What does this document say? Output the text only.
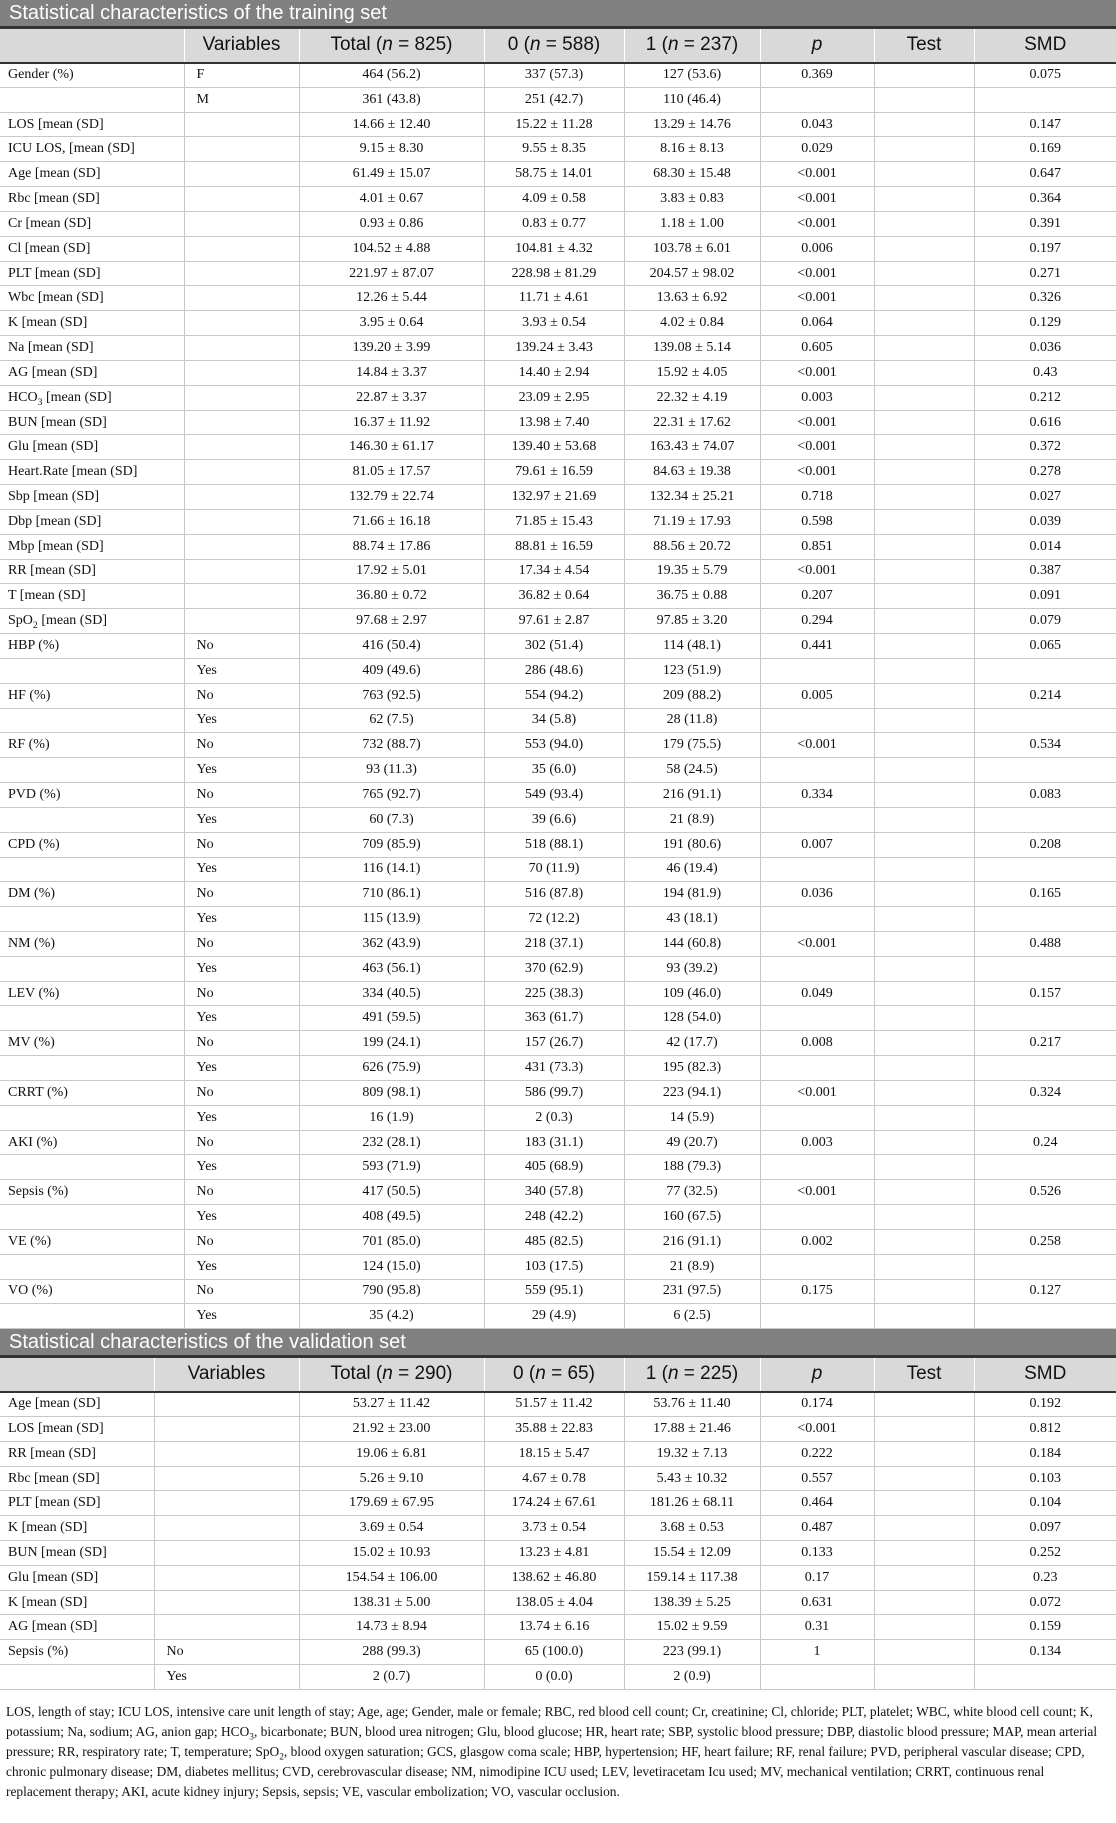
Statistical characteristics of the training set
	Variables	Total (n = 825)	0 (n = 588)	1 (n = 237)	p	Test	SMD
Gender (%)	F	464 (56.2)	337 (57.3)	127 (53.6)	0.369		0.075
	M	361 (43.8)	251 (42.7)	110 (46.4)			
LOS [mean (SD]		14.66 ± 12.40	15.22 ± 11.28	13.29 ± 14.76	0.043		0.147
ICU LOS, [mean (SD]		9.15 ± 8.30	9.55 ± 8.35	8.16 ± 8.13	0.029		0.169
Age [mean (SD]		61.49 ± 15.07	58.75 ± 14.01	68.30 ± 15.48	<0.001		0.647
Rbc [mean (SD]		4.01 ± 0.67	4.09 ± 0.58	3.83 ± 0.83	<0.001		0.364
Cr [mean (SD]		0.93 ± 0.86	0.83 ± 0.77	1.18 ± 1.00	<0.001		0.391
Cl [mean (SD]		104.52 ± 4.88	104.81 ± 4.32	103.78 ± 6.01	0.006		0.197
PLT [mean (SD]		221.97 ± 87.07	228.98 ± 81.29	204.57 ± 98.02	<0.001		0.271
Wbc [mean (SD]		12.26 ± 5.44	11.71 ± 4.61	13.63 ± 6.92	<0.001		0.326
K [mean (SD]		3.95 ± 0.64	3.93 ± 0.54	4.02 ± 0.84	0.064		0.129
Na [mean (SD]		139.20 ± 3.99	139.24 ± 3.43	139.08 ± 5.14	0.605		0.036
AG [mean (SD]		14.84 ± 3.37	14.40 ± 2.94	15.92 ± 4.05	<0.001		0.43
$HCO_3$ [mean (SD]		22.87 ± 3.37	23.09 ± 2.95	22.32 ± 4.19	0.003		0.212
BUN [mean (SD]		16.37 ± 11.92	13.98 ± 7.40	22.31 ± 17.62	<0.001		0.616
Glu [mean (SD]		146.30 ± 61.17	139.40 ± 53.68	163.43 ± 74.07	<0.001		0.372
Heart.Rate [mean (SD]		81.05 ± 17.57	79.61 ± 16.59	84.63 ± 19.38	<0.001		0.278
Sbp [mean (SD]		132.79 ± 22.74	132.97 ± 21.69	132.34 ± 25.21	0.718		0.027
Dbp [mean (SD]		71.66 ± 16.18	71.85 ± 15.43	71.19 ± 17.93	0.598		0.039
Mbp [mean (SD]		88.74 ± 17.86	88.81 ± 16.59	88.56 ± 20.72	0.851		0.014
RR [mean (SD]		17.92 ± 5.01	17.34 ± 4.54	19.35 ± 5.79	<0.001		0.387
T [mean (SD]		36.80 ± 0.72	36.82 ± 0.64	36.75 ± 0.88	0.207		0.091
SpO$_2$ [mean (SD]		97.68 ± 2.97	97.61 ± 2.87	97.85 ± 3.20	0.294		0.079
HBP (%)	No	416 (50.4)	302 (51.4)	114 (48.1)	0.441		0.065
	Yes	409 (49.6)	286 (48.6)	123 (51.9)			
HF (%)	No	763 (92.5)	554 (94.2)	209 (88.2)	0.005		0.214
	Yes	62 (7.5)	34 (5.8)	28 (11.8)			
RF (%)	No	732 (88.7)	553 (94.0)	179 (75.5)	<0.001		0.534
	Yes	93 (11.3)	35 (6.0)	58 (24.5)			
PVD (%)	No	765 (92.7)	549 (93.4)	216 (91.1)	0.334		0.083
	Yes	60 (7.3)	39 (6.6)	21 (8.9)			
CPD (%)	No	709 (85.9)	518 (88.1)	191 (80.6)	0.007		0.208
	Yes	116 (14.1)	70 (11.9)	46 (19.4)			
DM (%)	No	710 (86.1)	516 (87.8)	194 (81.9)	0.036		0.165
	Yes	115 (13.9)	72 (12.2)	43 (18.1)			
NM (%)	No	362 (43.9)	218 (37.1)	144 (60.8)	<0.001		0.488
	Yes	463 (56.1)	370 (62.9)	93 (39.2)			
LEV (%)	No	334 (40.5)	225 (38.3)	109 (46.0)	0.049		0.157
	Yes	491 (59.5)	363 (61.7)	128 (54.0)			
MV (%)	No	199 (24.1)	157 (26.7)	42 (17.7)	0.008		0.217
	Yes	626 (75.9)	431 (73.3)	195 (82.3)			
CRRT (%)	No	809 (98.1)	586 (99.7)	223 (94.1)	<0.001		0.324
	Yes	16 (1.9)	2 (0.3)	14 (5.9)			
AKI (%)	No	232 (28.1)	183 (31.1)	49 (20.7)	0.003		0.24
	Yes	593 (71.9)	405 (68.9)	188 (79.3)			
Sepsis (%)	No	417 (50.5)	340 (57.8)	77 (32.5)	<0.001		0.526
	Yes	408 (49.5)	248 (42.2)	160 (67.5)			
VE (%)	No	701 (85.0)	485 (82.5)	216 (91.1)	0.002		0.258
	Yes	124 (15.0)	103 (17.5)	21 (8.9)			
VO (%)	No	790 (95.8)	559 (95.1)	231 (97.5)	0.175		0.127
	Yes	35 (4.2)	29 (4.9)	6 (2.5)			
Statistical characteristics of the validation set
	Variables	Total (n = 290)	0 (n = 65)	1 (n = 225)	p	Test	SMD
Age [mean (SD]		53.27 ± 11.42	51.57 ± 11.42	53.76 ± 11.40	0.174		0.192
LOS [mean (SD]		21.92 ± 23.00	35.88 ± 22.83	17.88 ± 21.46	<0.001		0.812
RR [mean (SD]		19.06 ± 6.81	18.15 ± 5.47	19.32 ± 7.13	0.222		0.184
Rbc [mean (SD]		5.26 ± 9.10	4.67 ± 0.78	5.43 ± 10.32	0.557		0.103
PLT [mean (SD]		179.69 ± 67.95	174.24 ± 67.61	181.26 ± 68.11	0.464		0.104
K [mean (SD]		3.69 ± 0.54	3.73 ± 0.54	3.68 ± 0.53	0.487		0.097
BUN [mean (SD]		15.02 ± 10.93	13.23 ± 4.81	15.54 ± 12.09	0.133		0.252
Glu [mean (SD]		154.54 ± 106.00	138.62 ± 46.80	159.14 ± 117.38	0.17		0.23
K [mean (SD]		138.31 ± 5.00	138.05 ± 4.04	138.39 ± 5.25	0.631		0.072
AG [mean (SD]		14.73 ± 8.94	13.74 ± 6.16	15.02 ± 9.59	0.31		0.159
Sepsis (%)	No	288 (99.3)	65 (100.0)	223 (99.1)	1		0.134
	Yes	2 (0.7)	0 (0.0)	2 (0.9)			
LOS, length of stay; ICU LOS, intensive care unit length of stay; Age, age; Gender, male or female; RBC, red blood cell count; Cr, creatinine; Cl, chloride; PLT, platelet; WBC, white blood cell count; K, potassium; Na, sodium; AG, anion gap; $HCO_3$, bicarbonate; BUN, blood urea nitrogen; Glu, blood glucose; HR, heart rate; SBP, systolic blood pressure; DBP, diastolic blood pressure; MAP, mean arterial pressure; RR, respiratory rate; T, temperature; SpO$_2$, blood oxygen saturation; GCS, glasgow coma scale; HBP, hypertension; HF, heart failure; RF, renal failure; PVD, peripheral vascular disease; CPD, chronic pulmonary disease; DM, diabetes mellitus; CVD, cerebrovascular disease; NM, nimodipine ICU used; LEV, levetiracetam Icu used; MV, mechanical ventilation; CRRT, continuous renal replacement therapy; AKI, acute kidney injury; Sepsis, sepsis; VE, vascular embolization; VO, vascular occlusion.
